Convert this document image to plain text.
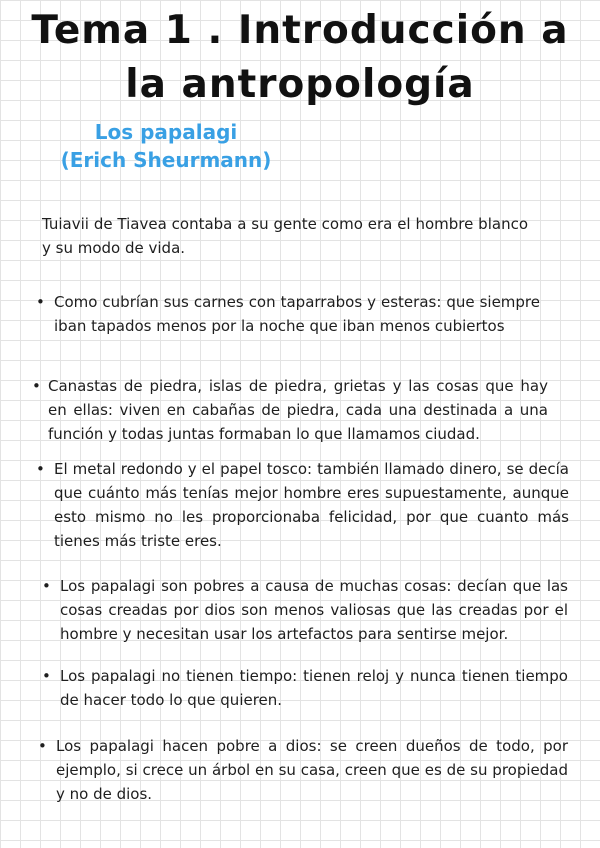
Tema 1 . Introducción a la antropología
Los papalagi
(Erich Sheurmann)

Tuiavii de Tiavea contaba a su gente como era el hombre blanco y su modo de vida.

• Como cubrían sus carnes con taparrabos y esteras: que siempre iban tapados menos por la noche que iban menos cubiertos
• Canastas de piedra, islas de piedra, grietas y las cosas que hay en ellas: viven en cabañas de piedra, cada una destinada a una función y todas juntas formaban lo que llamamos ciudad.
• El metal redondo y el papel tosco: también llamado dinero, se decía que cuánto más tenías mejor hombre eres supuestamente, aunque esto mismo no les proporcionaba felicidad, por que cuanto más tienes más triste eres.
• Los papalagi son pobres a causa de muchas cosas: decían que las cosas creadas por dios son menos valiosas que las creadas por el hombre y necesitan usar los artefactos para sentirse mejor.
• Los papalagi no tienen tiempo: tienen reloj y nunca tienen tiempo de hacer todo lo que quieren.
• Los papalagi hacen pobre a dios: se creen dueños de todo, por ejemplo, si crece un árbol en su casa, creen que es de su propiedad y no de dios.
